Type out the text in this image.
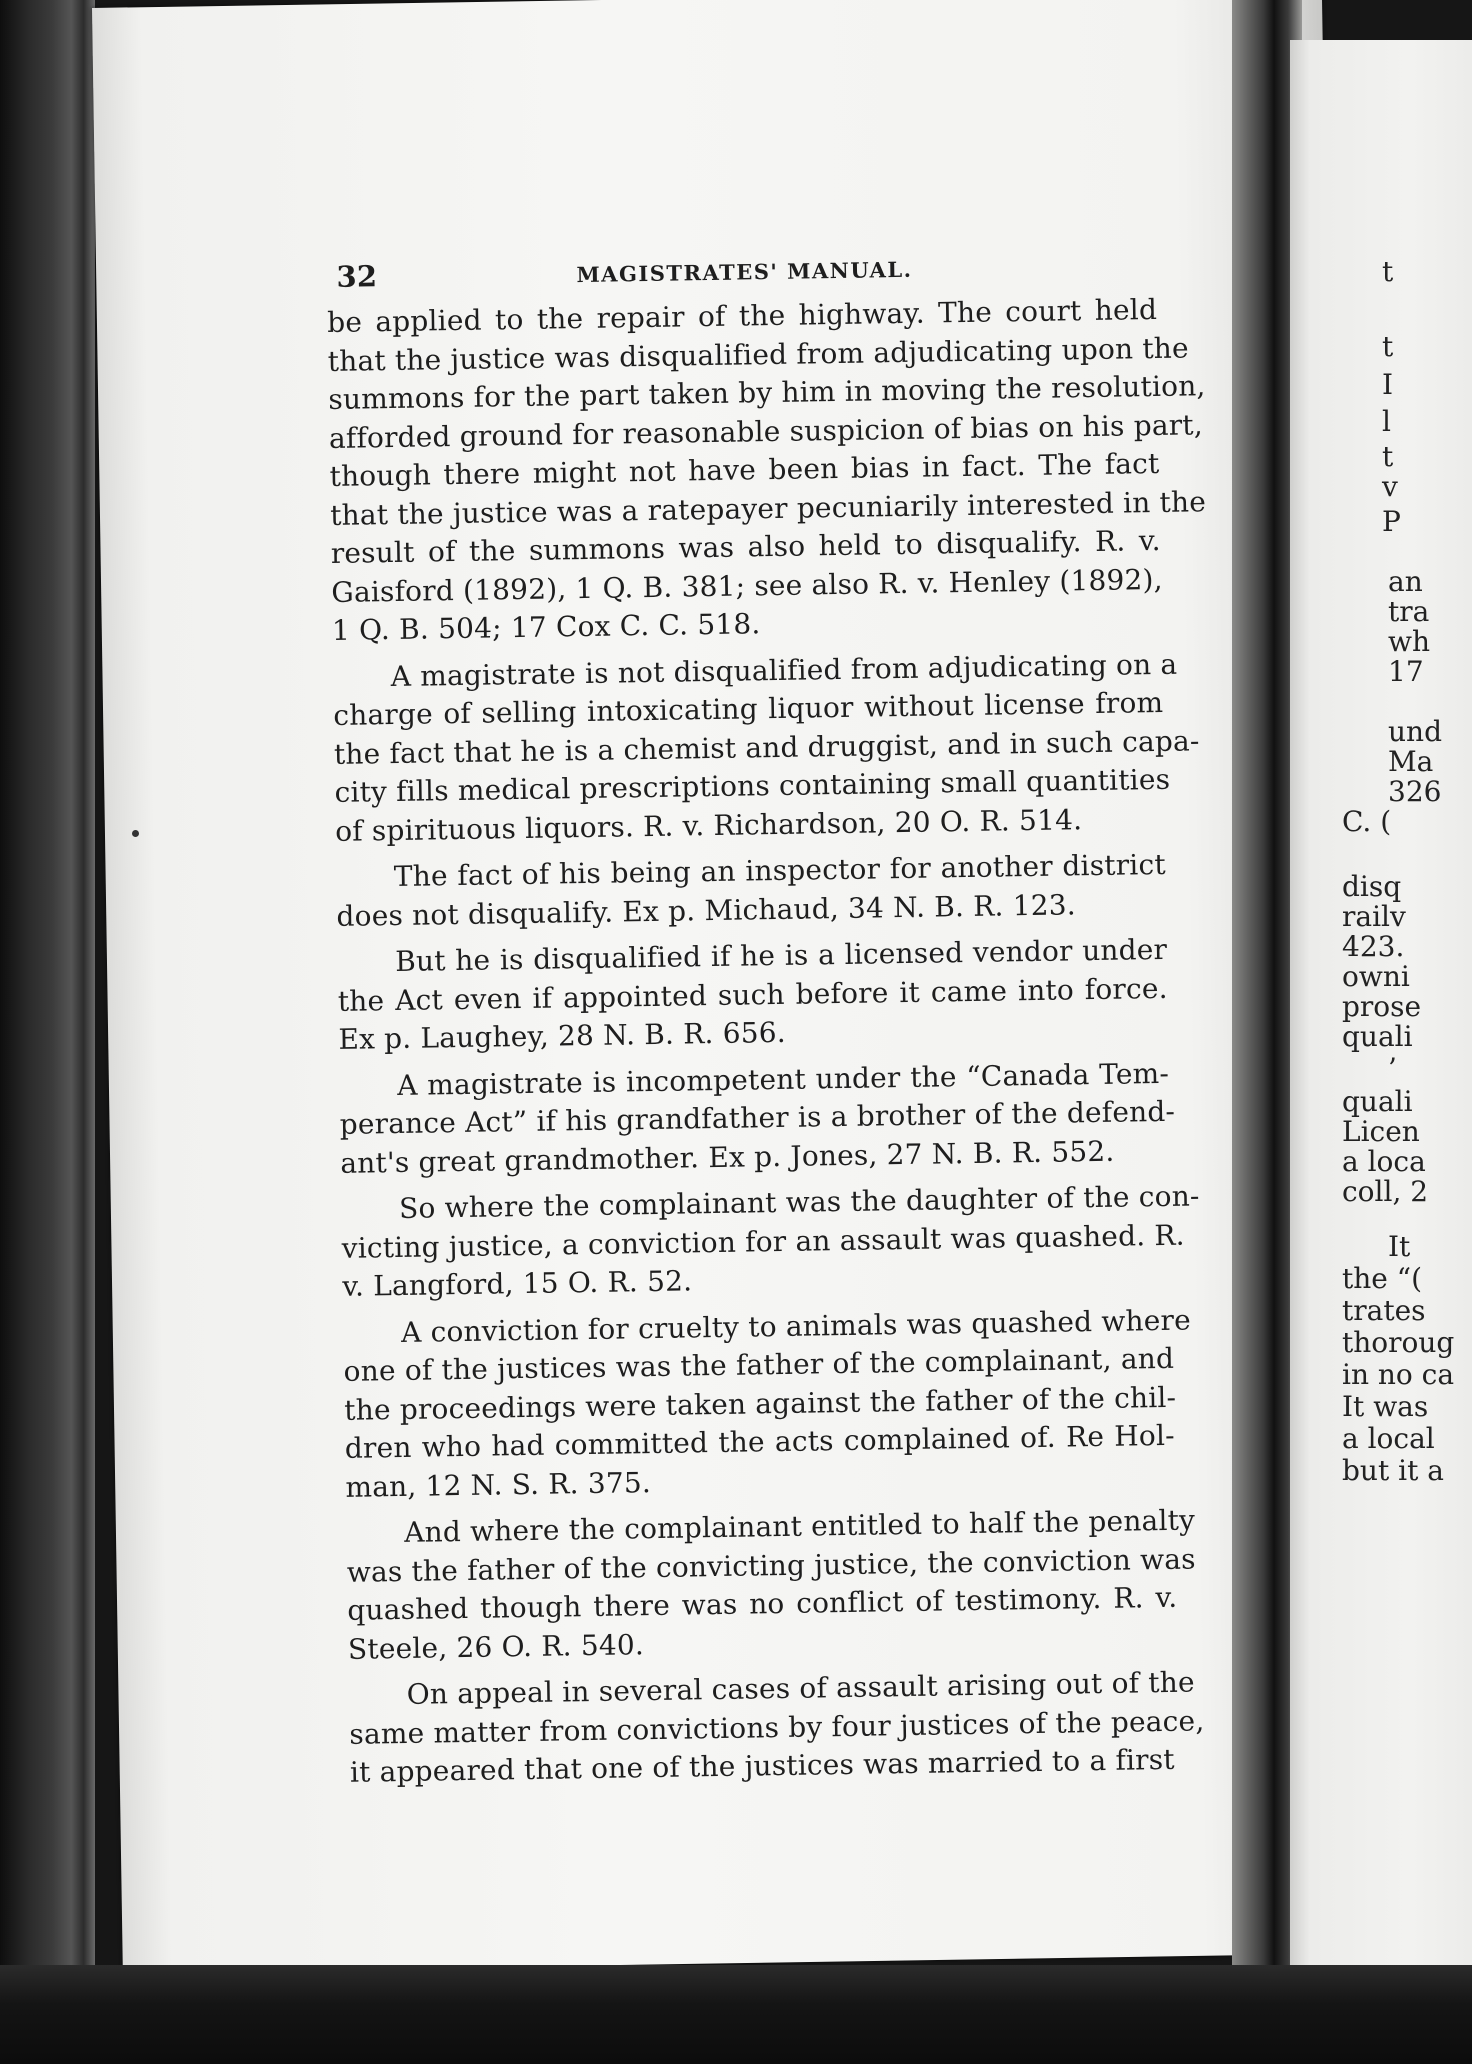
t
t
I
l
t
v
P
an
tra
wh
17
und
Ma
326
C. (
disq
railv
423.
owni
prose
quali
’
quali
Licen
a loca
coll, 2
It
the “(
trates
thoroug
in no ca
It was
a local
but it a
32	MAGISTRATES' MANUAL.
be applied to the repair of the highway. The court held
that the justice was disqualified from adjudicating upon the
summons for the part taken by him in moving the resolution,
afforded ground for reasonable suspicion of bias on his part,
though there might not have been bias in fact. The fact
that the justice was a ratepayer pecuniarily interested in the
result of the summons was also held to disqualify. R. v.
Gaisford (1892), 1 Q. B. 381; see also R. v. Henley (1892),
1 Q. B. 504; 17 Cox C. C. 518.
A magistrate is not disqualified from adjudicating on a
charge of selling intoxicating liquor without license from
the fact that he is a chemist and druggist, and in such capa-
city fills medical prescriptions containing small quantities
of spirituous liquors. R. v. Richardson, 20 O. R. 514.
The fact of his being an inspector for another district
does not disqualify. Ex p. Michaud, 34 N. B. R. 123.
But he is disqualified if he is a licensed vendor under
the Act even if appointed such before it came into force.
Ex p. Laughey, 28 N. B. R. 656.
A magistrate is incompetent under the “Canada Tem-
perance Act” if his grandfather is a brother of the defend-
ant's great grandmother. Ex p. Jones, 27 N. B. R. 552.
So where the complainant was the daughter of the con-
victing justice, a conviction for an assault was quashed. R.
v. Langford, 15 O. R. 52.
A conviction for cruelty to animals was quashed where
one of the justices was the father of the complainant, and
the proceedings were taken against the father of the chil-
dren who had committed the acts complained of. Re Hol-
man, 12 N. S. R. 375.
And where the complainant entitled to half the penalty
was the father of the convicting justice, the conviction was
quashed though there was no conflict of testimony. R. v.
Steele, 26 O. R. 540.
On appeal in several cases of assault arising out of the
same matter from convictions by four justices of the peace,
it appeared that one of the justices was married to a first
